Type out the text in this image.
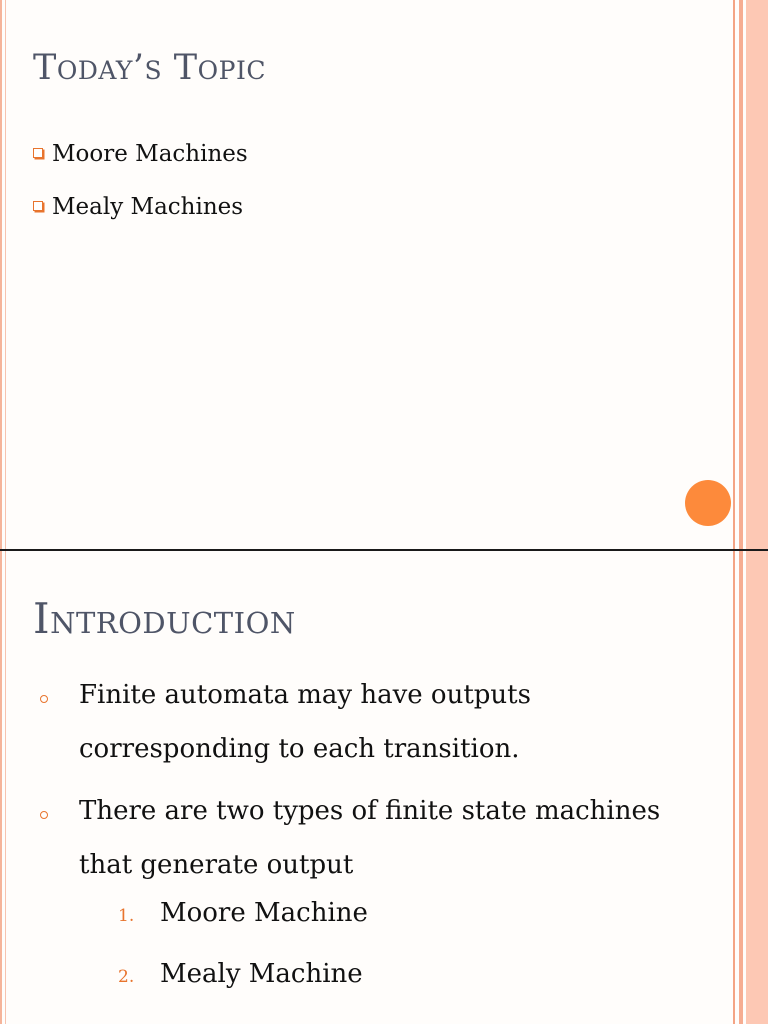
Today’s Topic
Moore Machines
Mealy Machines
Introduction
Finite automata may have outputs corresponding to each transition.
There are two types of finite state machines that generate output
1. Moore Machine
2. Mealy Machine
